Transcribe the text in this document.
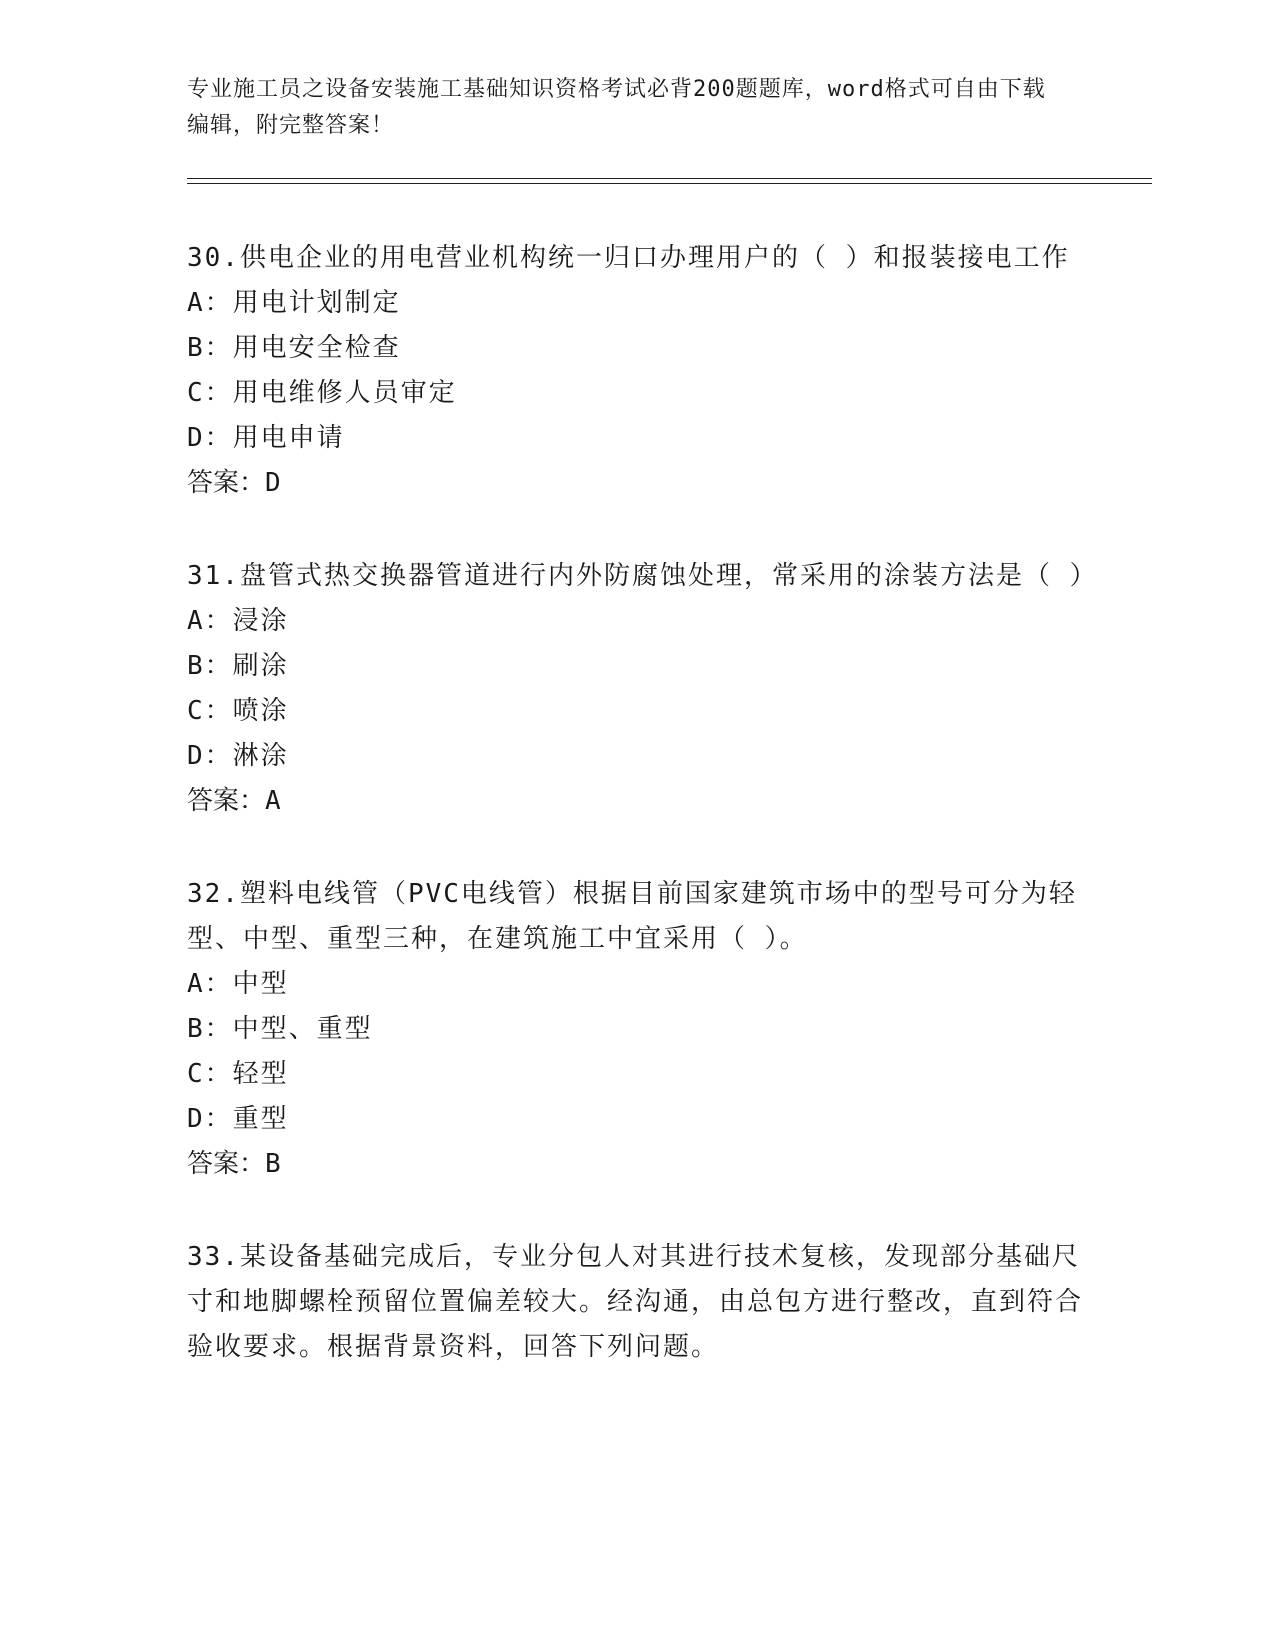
专业施工员之设备安装施工基础知识资格考试必背200题题库，word格式可自由下载编辑，附完整答案！

30.供电企业的用电营业机构统一归口办理用户的（ ）和报装接电工作

A：用电计划制定

B：用电安全检查

C：用电维修人员审定

D：用电申请

答案：D

31.盘管式热交换器管道进行内外防腐蚀处理，常采用的涂装方法是（ ）

A：浸涂

B：刷涂

C：喷涂

D：淋涂

答案：A

32.塑料电线管（PVC电线管）根据目前国家建筑市场中的型号可分为轻型、中型、重型三种，在建筑施工中宜采用（ ）。

A：中型

B：中型、重型

C：轻型

D：重型

答案：B

33.某设备基础完成后，专业分包人对其进行技术复核，发现部分基础尺寸和地脚螺栓预留位置偏差较大。经沟通，由总包方进行整改，直到符合验收要求。根据背景资料，回答下列问题。
